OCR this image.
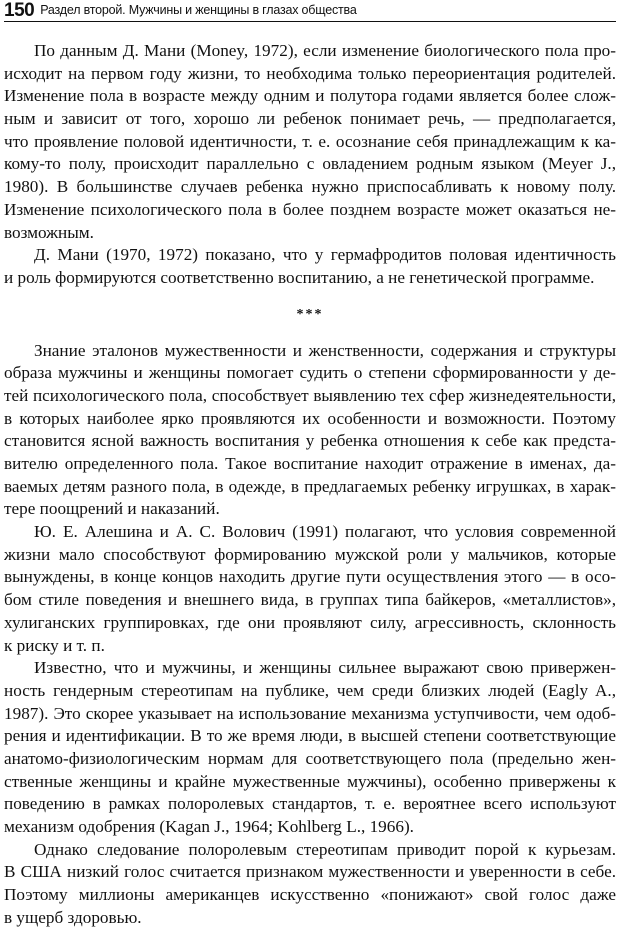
150 Раздел второй. Мужчины и женщины в глазах общества
По данным Д. Мани (Money, 1972), если изменение биологического пола про-
исходит на первом году жизни, то необходима только переориентация родителей.
Изменение пола в возрасте между одним и полутора годами является более слож-
ным и зависит от того, хорошо ли ребенок понимает речь, — предполагается,
что проявление половой идентичности, т. е. осознание себя принадлежащим к ка-
кому-то полу, происходит параллельно с овладением родным языком (Meyer J.,
1980). В большинстве случаев ребенка нужно приспосабливать к новому полу.
Изменение психологического пола в более позднем возрасте может оказаться не-
возможным.
Д. Мани (1970, 1972) показано, что у гермафродитов половая идентичность
и роль формируются соответственно воспитанию, а не генетической программе.
***
Знание эталонов мужественности и женственности, содержания и структуры
образа мужчины и женщины помогает судить о степени сформированности у де-
тей психологического пола, способствует выявлению тех сфер жизнедеятельности,
в которых наиболее ярко проявляются их особенности и возможности. Поэтому
становится ясной важность воспитания у ребенка отношения к себе как предста-
вителю определенного пола. Такое воспитание находит отражение в именах, да-
ваемых детям разного пола, в одежде, в предлагаемых ребенку игрушках, в харак-
тере поощрений и наказаний.
Ю. Е. Алешина и А. С. Волович (1991) полагают, что условия современной
жизни мало способствуют формированию мужской роли у мальчиков, которые
вынуждены, в конце концов находить другие пути осуществления этого — в осо-
бом стиле поведения и внешнего вида, в группах типа байкеров, «металлистов»,
хулиганских группировках, где они проявляют силу, агрессивность, склонность
к риску и т. п.
Известно, что и мужчины, и женщины сильнее выражают свою привержен-
ность гендерным стереотипам на публике, чем среди близких людей (Eagly A.,
1987). Это скорее указывает на использование механизма уступчивости, чем одоб-
рения и идентификации. В то же время люди, в высшей степени соответствующие
анатомо-физиологическим нормам для соответствующего пола (предельно жен-
ственные женщины и крайне мужественные мужчины), особенно привержены к
поведению в рамках полоролевых стандартов, т. е. вероятнее всего используют
механизм одобрения (Kagan J., 1964; Kohlberg L., 1966).
Однако следование полоролевым стереотипам приводит порой к курьезам.
В США низкий голос считается признаком мужественности и уверенности в себе.
Поэтому миллионы американцев искусственно «понижают» свой голос даже
в ущерб здоровью.
